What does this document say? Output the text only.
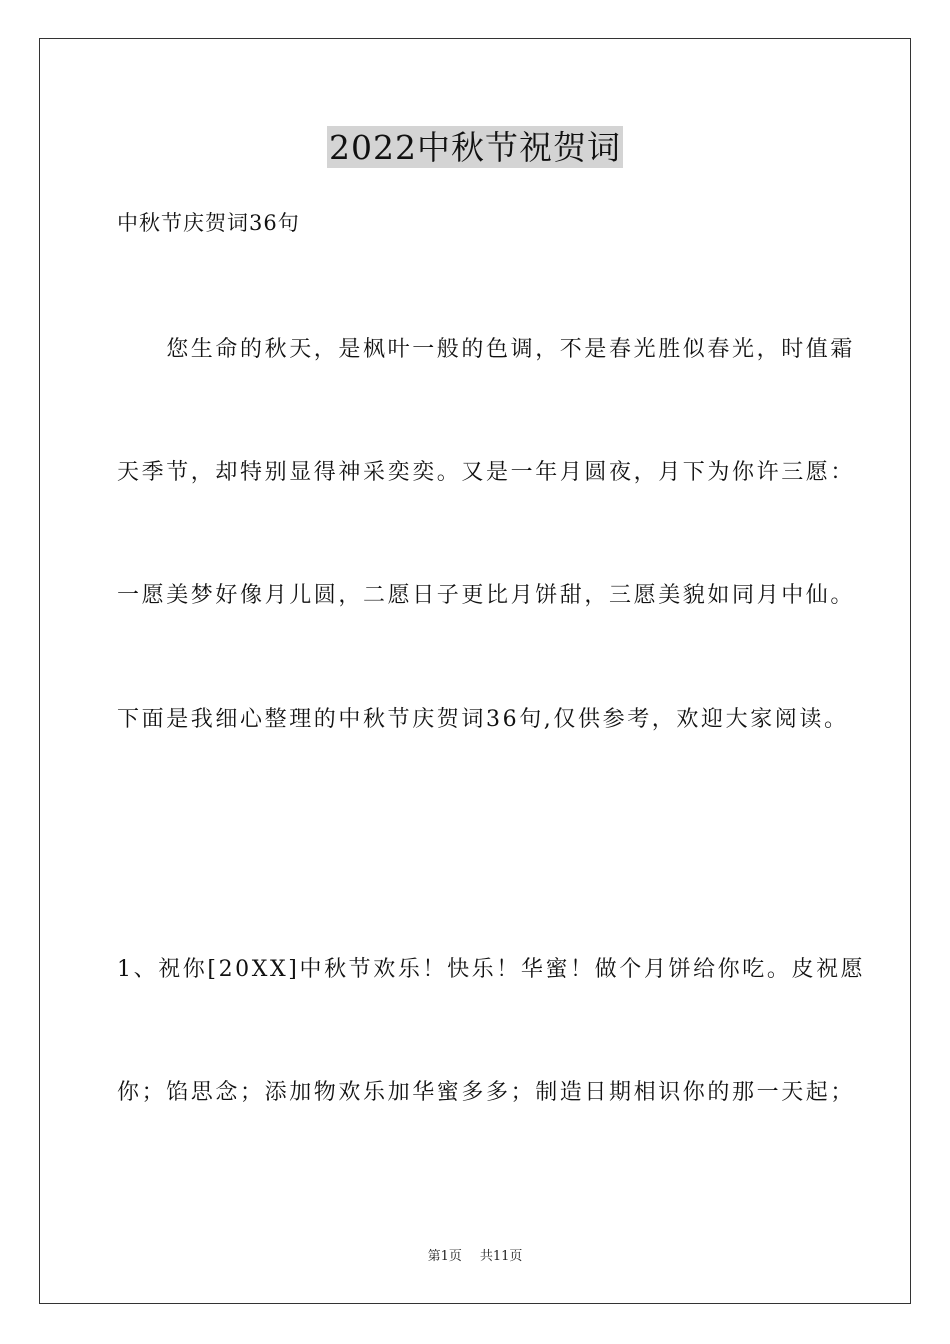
2022中秋节祝贺词
中秋节庆贺词36句
　　您生命的秋天，是枫叶一般的色调，不是春光胜似春光，时值霜
天季节，却特别显得神采奕奕。又是一年月圆夜，月下为你许三愿：
一愿美梦好像月儿圆，二愿日子更比月饼甜，三愿美貌如同月中仙。
下面是我细心整理的中秋节庆贺词36句,仅供参考，欢迎大家阅读。
1、祝你[20XX]中秋节欢乐！快乐！华蜜！做个月饼给你吃。皮祝愿
你；馅思念；添加物欢乐加华蜜多多；制造日期相识你的那一天起；
第1页 共11页
